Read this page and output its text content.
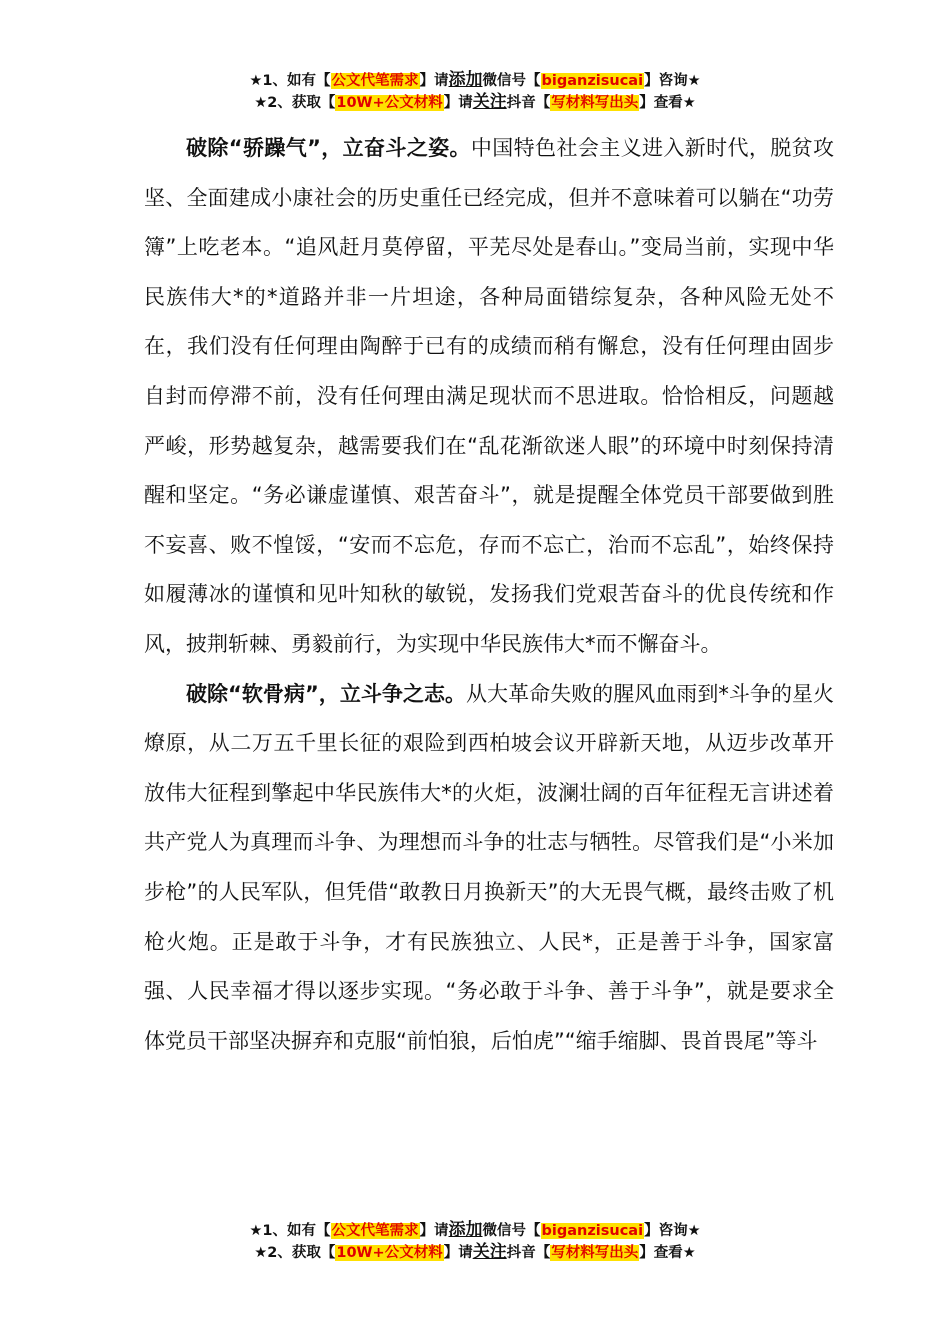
★1、如有【公文代笔需求】请添加微信号【biganzisucai】咨询★
★2、获取【10W+公文材料】请关注抖音【写材料写出头】查看★

破除“骄躁气”，立奋斗之姿。中国特色社会主义进入新时代，脱贫攻坚、全面建成小康社会的历史重任已经完成，但并不意味着可以躺在“功劳簿”上吃老本。“追风赶月莫停留，平芜尽处是春山。”变局当前，实现中华民族伟大*的*道路并非一片坦途，各种局面错综复杂，各种风险无处不在，我们没有任何理由陶醉于已有的成绩而稍有懈怠，没有任何理由固步自封而停滞不前，没有任何理由满足现状而不思进取。恰恰相反，问题越严峻，形势越复杂，越需要我们在“乱花渐欲迷人眼”的环境中时刻保持清醒和坚定。“务必谦虚谨慎、艰苦奋斗”，就是提醒全体党员干部要做到胜不妄喜、败不惶馁，“安而不忘危，存而不忘亡，治而不忘乱”，始终保持如履薄冰的谨慎和见叶知秋的敏锐，发扬我们党艰苦奋斗的优良传统和作风，披荆斩棘、勇毅前行，为实现中华民族伟大*而不懈奋斗。

破除“软骨病”，立斗争之志。从大革命失败的腥风血雨到*斗争的星火燎原，从二万五千里长征的艰险到西柏坡会议开辟新天地，从迈步改革开放伟大征程到擎起中华民族伟大*的火炬，波澜壮阔的百年征程无言讲述着共产党人为真理而斗争、为理想而斗争的壮志与牺牲。尽管我们是“小米加步枪”的人民军队，但凭借“敢教日月换新天”的大无畏气概，最终击败了机枪火炮。正是敢于斗争，才有民族独立、人民*，正是善于斗争，国家富强、人民幸福才得以逐步实现。“务必敢于斗争、善于斗争”，就是要求全体党员干部坚决摒弃和克服“前怕狼，后怕虎”“缩手缩脚、畏首畏尾”等斗

★1、如有【公文代笔需求】请添加微信号【biganzisucai】咨询★
★2、获取【10W+公文材料】请关注抖音【写材料写出头】查看★
